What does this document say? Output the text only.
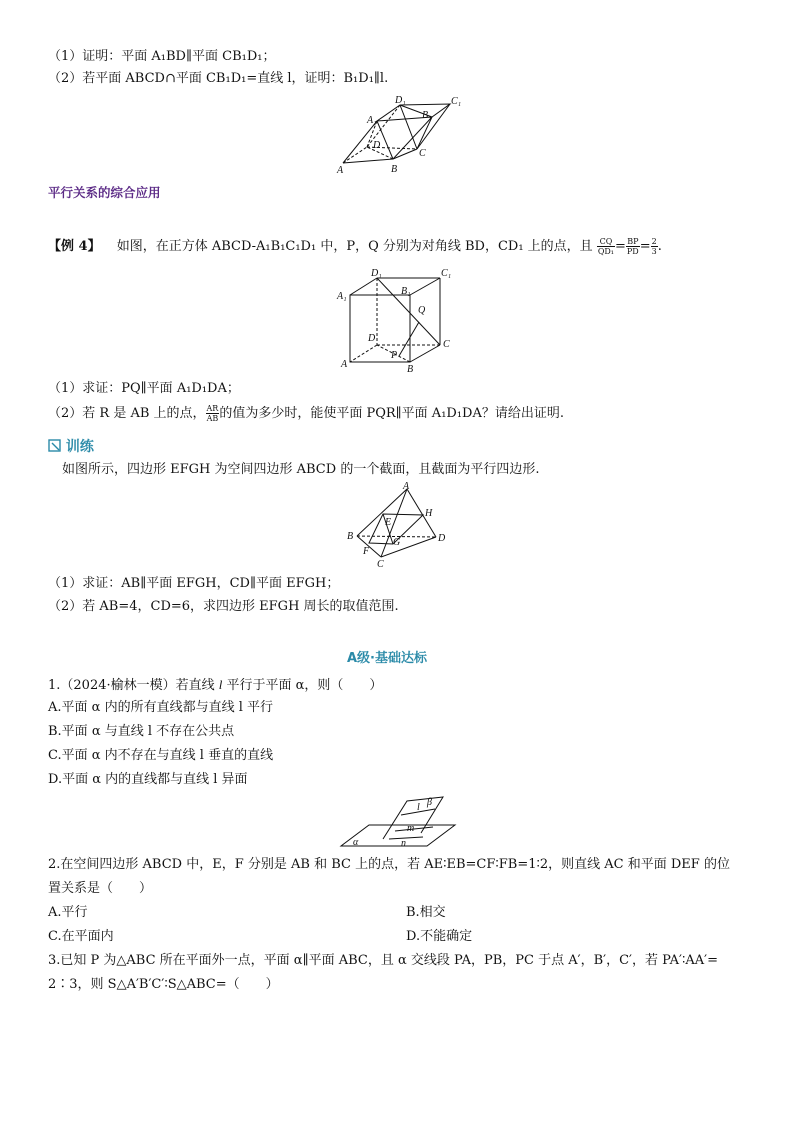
（1）证明：平面 A₁BD∥平面 CB₁D₁；
（2）若平面 ABCD∩平面 CB₁D₁=直线 l，证明：B₁D₁∥l.
D₁	C₁
A₁	B₁
D
C
A	B
平行关系的综合应用
【例 4】 如图，在正方体 ABCD-A₁B₁C₁D₁ 中，P，Q 分别为对角线 BD，CD₁ 上的点，且 $\frac{CQ}{\text{QD₁}} = \frac{BP}{PD} = \frac{2}{3}$ .
D₁	C₁
A₁	B₁
Q
D
C
P
A	B
（1）求证：PQ∥平面 A₁D₁DA；
（2）若 R 是 AB 上的点， $\frac{AR}{AB}$ 的值为多少时，能使平面 PQR∥平面 A₁D₁DA？请给出证明.
训练
如图所示，四边形 EFGH 为空间四边形 ABCD 的一个截面，且截面为平行四边形.
A
H
E
B
G	D
F
C
（1）求证：AB∥平面 EFGH，CD∥平面 EFGH；
（2）若 AB=4，CD=6，求四边形 EFGH 周长的取值范围.
A级·基础达标
1.（2024·榆林一模）若直线 l 平行于平面 α，则（　　）
A.平面 α 内的所有直线都与直线 l 平行
B.平面 α 与直线 l 不存在公共点
C.平面 α 内不存在与直线 l 垂直的直线
D.平面 α 内的直线都与直线 l 异面
l β
m
α	n
2.在空间四边形 ABCD 中，E，F 分别是 AB 和 BC 上的点，若 AE∶EB=CF∶FB=1∶2，则直线 AC 和平面 DEF 的位
置关系是（　　）
A.平行	B.相交
C.在平面内	D.不能确定
3.已知 P 为△ABC 所在平面外一点，平面 α∥平面 ABC，且 α 交线段 PA，PB，PC 于点 A′，B′，C′，若 PA′∶AA′=
2∶3，则 S△A′B′C′∶S△ABC=（　　）
